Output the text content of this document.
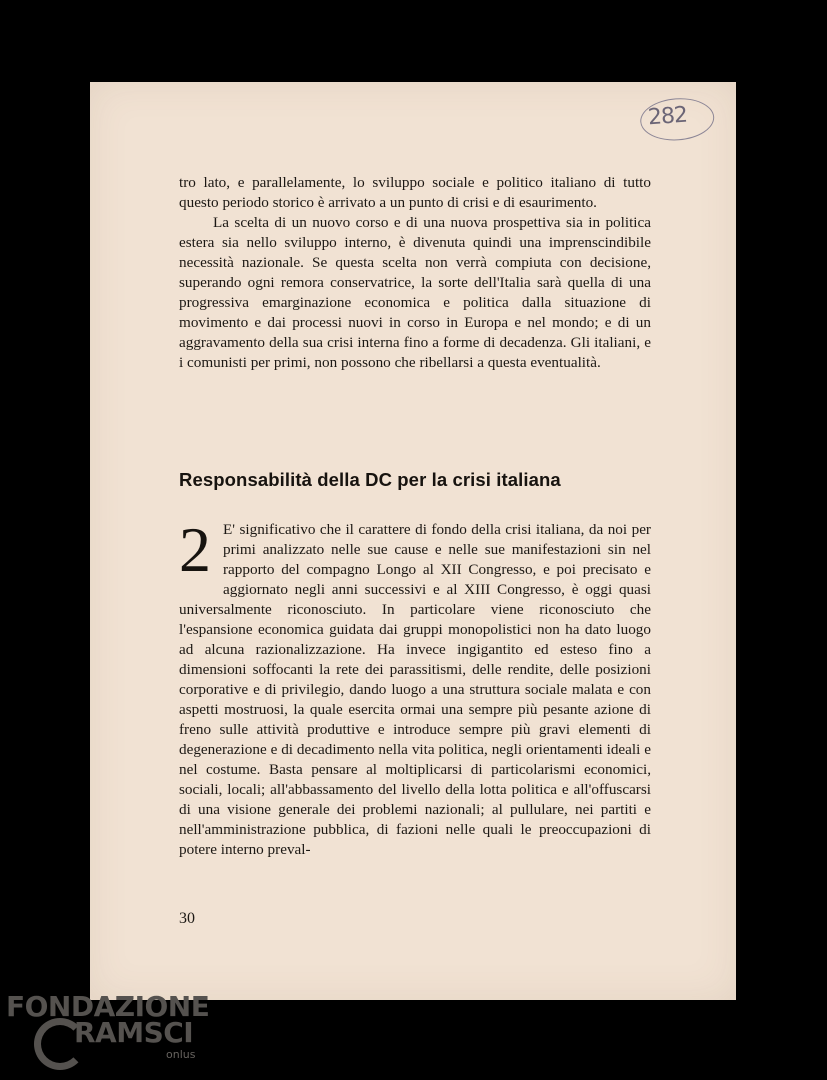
282

tro lato, e parallelamente, lo sviluppo sociale e politico italiano di tutto questo periodo storico è arrivato a un punto di crisi e di esaurimento.

La scelta di un nuovo corso e di una nuova prospettiva sia in politica estera sia nello sviluppo interno, è divenuta quindi una imprenscindibile necessità nazionale. Se questa scelta non verrà compiuta con decisione, superando ogni remora conservatrice, la sorte dell'Italia sarà quella di una progressiva emarginazione economica e politica dalla situazione di movimento e dai processi nuovi in corso in Europa e nel mondo; e di un aggravamento della sua crisi interna fino a forme di decadenza. Gli italiani, e i comunisti per primi, non possono che ribellarsi a questa eventualità.

Responsabilità della DC per la crisi italiana
2 E' significativo che il carattere di fondo della crisi italiana, da noi per primi analizzato nelle sue cause e nelle sue manifestazioni sin nel rapporto del compagno Longo al XII Congresso, e poi precisato e aggiornato negli anni successivi e al XIII Congresso, è oggi quasi universalmente riconosciuto. In particolare viene riconosciuto che l'espansione economica guidata dai gruppi monopolistici non ha dato luogo ad alcuna razionalizzazione. Ha invece ingigantito ed esteso fino a dimensioni soffocanti la rete dei parassitismi, delle rendite, delle posizioni corporative e di privilegio, dando luogo a una struttura sociale malata e con aspetti mostruosi, la quale esercita ormai una sempre più pesante azione di freno sulle attività produttive e introduce sempre più gravi elementi di degenerazione e di decadimento nella vita politica, negli orientamenti ideali e nel costume. Basta pensare al moltiplicarsi di particolarismi economici, sociali, locali; all'abbassamento del livello della lotta politica e all'offuscarsi di una visione generale dei problemi nazionali; al pullulare, nei partiti e nell'amministrazione pubblica, di fazioni nelle quali le preoccupazioni di potere interno preval-

30
FONDAZIONE
RAMSCI
onlus
